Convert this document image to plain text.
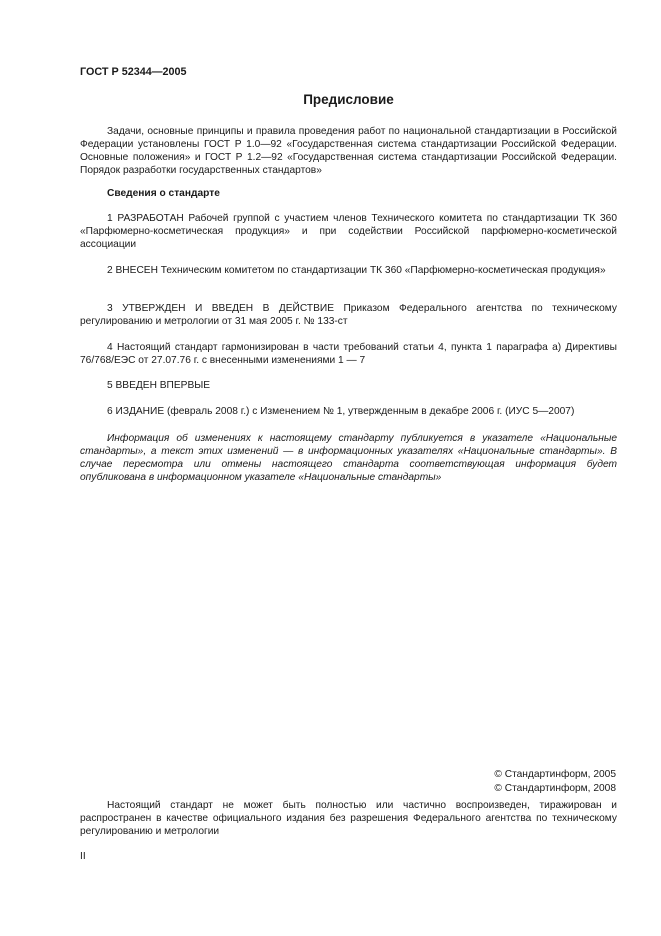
ГОСТ Р 52344—2005
Предисловие
Задачи, основные принципы и правила проведения работ по национальной стандартизации в Российской Федерации установлены ГОСТ Р 1.0—92 «Государственная система стандартизации Российской Федерации. Основные положения» и ГОСТ Р 1.2—92 «Государственная система стандартизации Российской Федерации. Порядок разработки государственных стандартов»
Сведения о стандарте
1 РАЗРАБОТАН Рабочей группой с участием членов Технического комитета по стандартизации ТК 360 «Парфюмерно-косметическая продукция» и при содействии Российской парфюмерно-косметической ассоциации
2 ВНЕСЕН Техническим комитетом по стандартизации ТК 360 «Парфюмерно-косметическая продукция»
3 УТВЕРЖДЕН И ВВЕДЕН В ДЕЙСТВИЕ Приказом Федерального агентства по техническому регулированию и метрологии от 31 мая 2005 г. № 133-ст
4 Настоящий стандарт гармонизирован в части требований статьи 4, пункта 1 параграфа а) Директивы 76/768/ЕЭС от 27.07.76 г. с внесенными изменениями 1 — 7
5 ВВЕДЕН ВПЕРВЫЕ
6 ИЗДАНИЕ (февраль 2008 г.) с Изменением № 1, утвержденным в декабре 2006 г. (ИУС 5—2007)
Информация об изменениях к настоящему стандарту публикуется в указателе «Национальные стандарты», а текст этих изменений — в информационных указателях «Национальные стандарты». В случае пересмотра или отмены настоящего стандарта соответствующая информация будет опубликована в информационном указателе «Национальные стандарты»
© Стандартинформ, 2005
© Стандартинформ, 2008
Настоящий стандарт не может быть полностью или частично воспроизведен, тиражирован и распространен в качестве официального издания без разрешения Федерального агентства по техническому регулированию и метрологии
II
